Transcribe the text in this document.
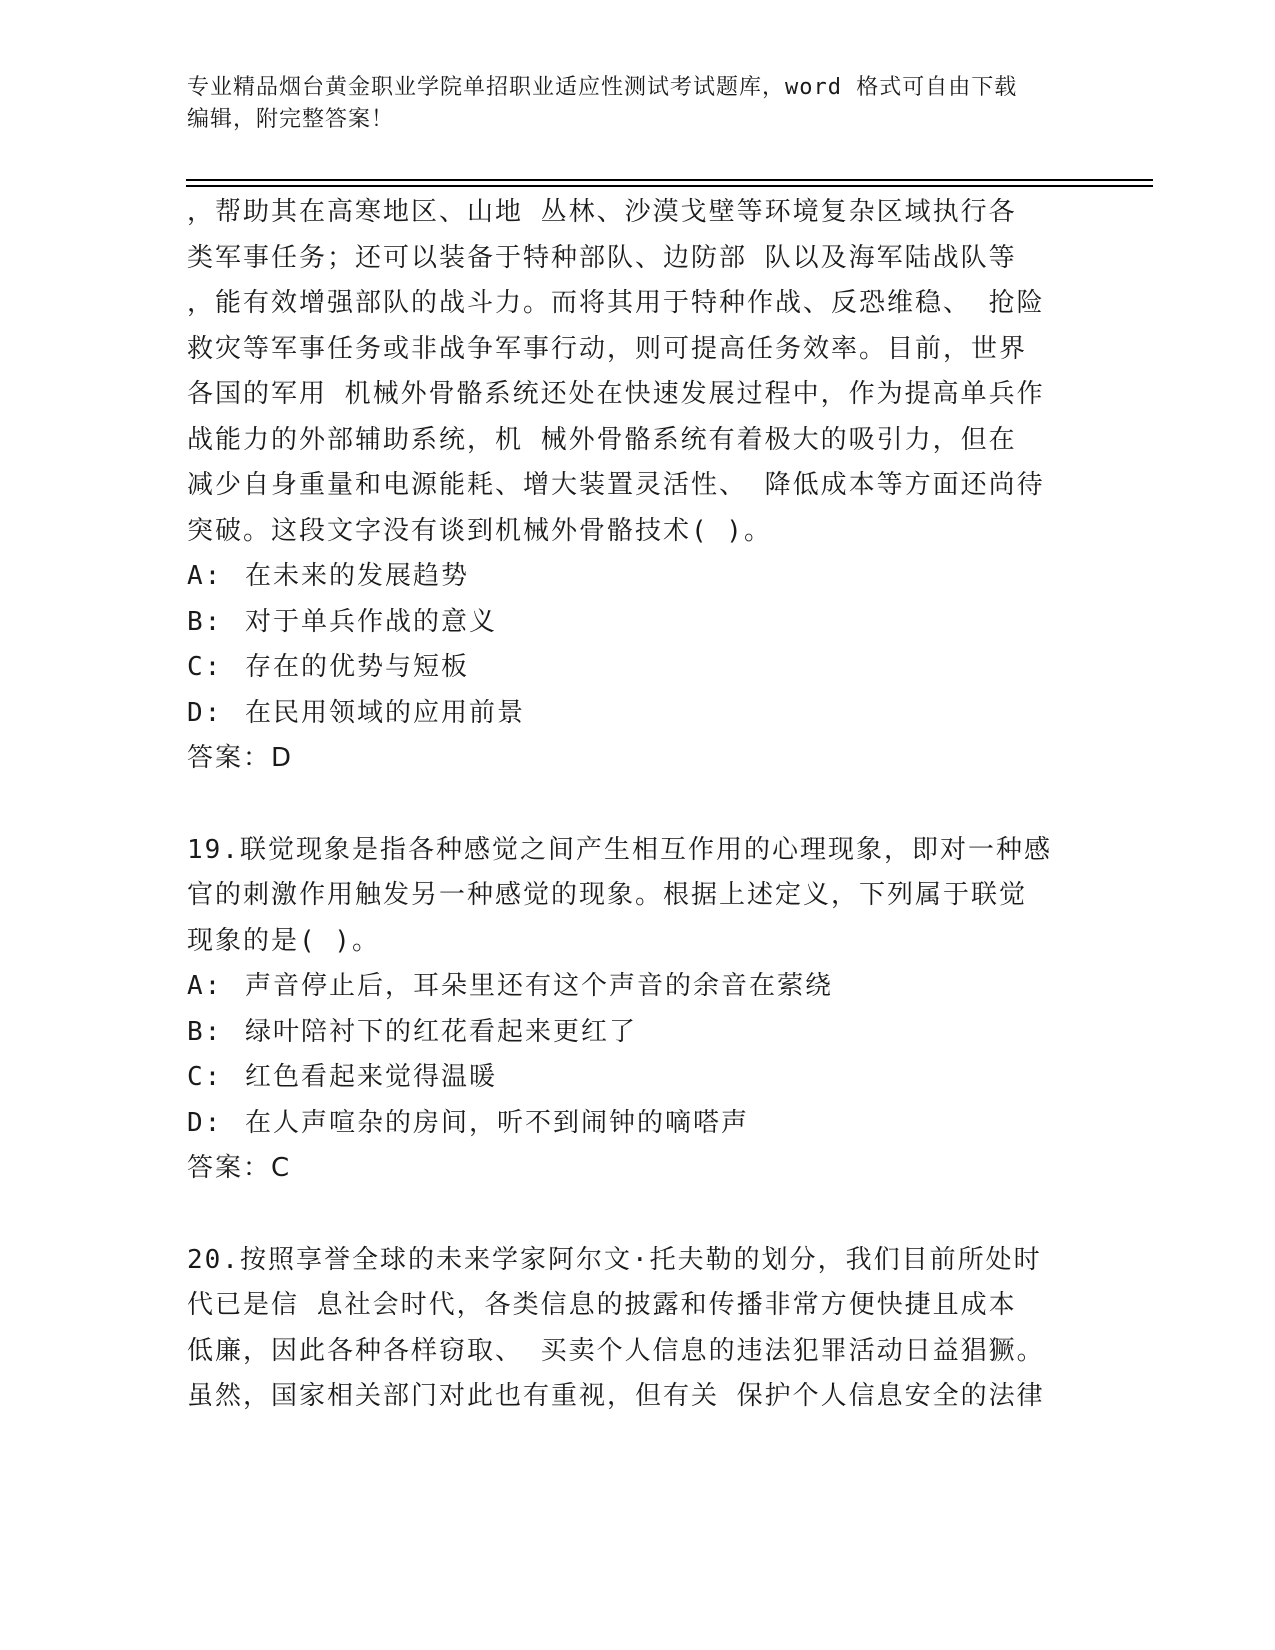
专业精品烟台黄金职业学院单招职业适应性测试考试题库，word 格式可自由下载
编辑，附完整答案！
，帮助其在高寒地区、山地 丛林、沙漠戈壁等环境复杂区域执行各
类军事任务；还可以装备于特种部队、边防部 队以及海军陆战队等
，能有效增强部队的战斗力。而将其用于特种作战、反恐维稳、 抢险
救灾等军事任务或非战争军事行动，则可提高任务效率。目前，世界
各国的军用 机械外骨骼系统还处在快速发展过程中，作为提高单兵作
战能力的外部辅助系统，机 械外骨骼系统有着极大的吸引力，但在
减少自身重量和电源能耗、增大装置灵活性、 降低成本等方面还尚待
突破。这段文字没有谈到机械外骨骼技术( )。
A: 在未来的发展趋势
B: 对于单兵作战的意义
C: 存在的优势与短板
D: 在民用领域的应用前景
答案：D
19.联觉现象是指各种感觉之间产生相互作用的心理现象，即对一种感
官的刺激作用触发另一种感觉的现象。根据上述定义，下列属于联觉
现象的是( )。
A: 声音停止后，耳朵里还有这个声音的余音在萦绕
B: 绿叶陪衬下的红花看起来更红了
C: 红色看起来觉得温暖
D: 在人声喧杂的房间，听不到闹钟的嘀嗒声
答案：C
20.按照享誉全球的未来学家阿尔文·托夫勒的划分，我们目前所处时
代已是信 息社会时代，各类信息的披露和传播非常方便快捷且成本
低廉，因此各种各样窃取、 买卖个人信息的违法犯罪活动日益猖獗。
虽然，国家相关部门对此也有重视，但有关 保护个人信息安全的法律
